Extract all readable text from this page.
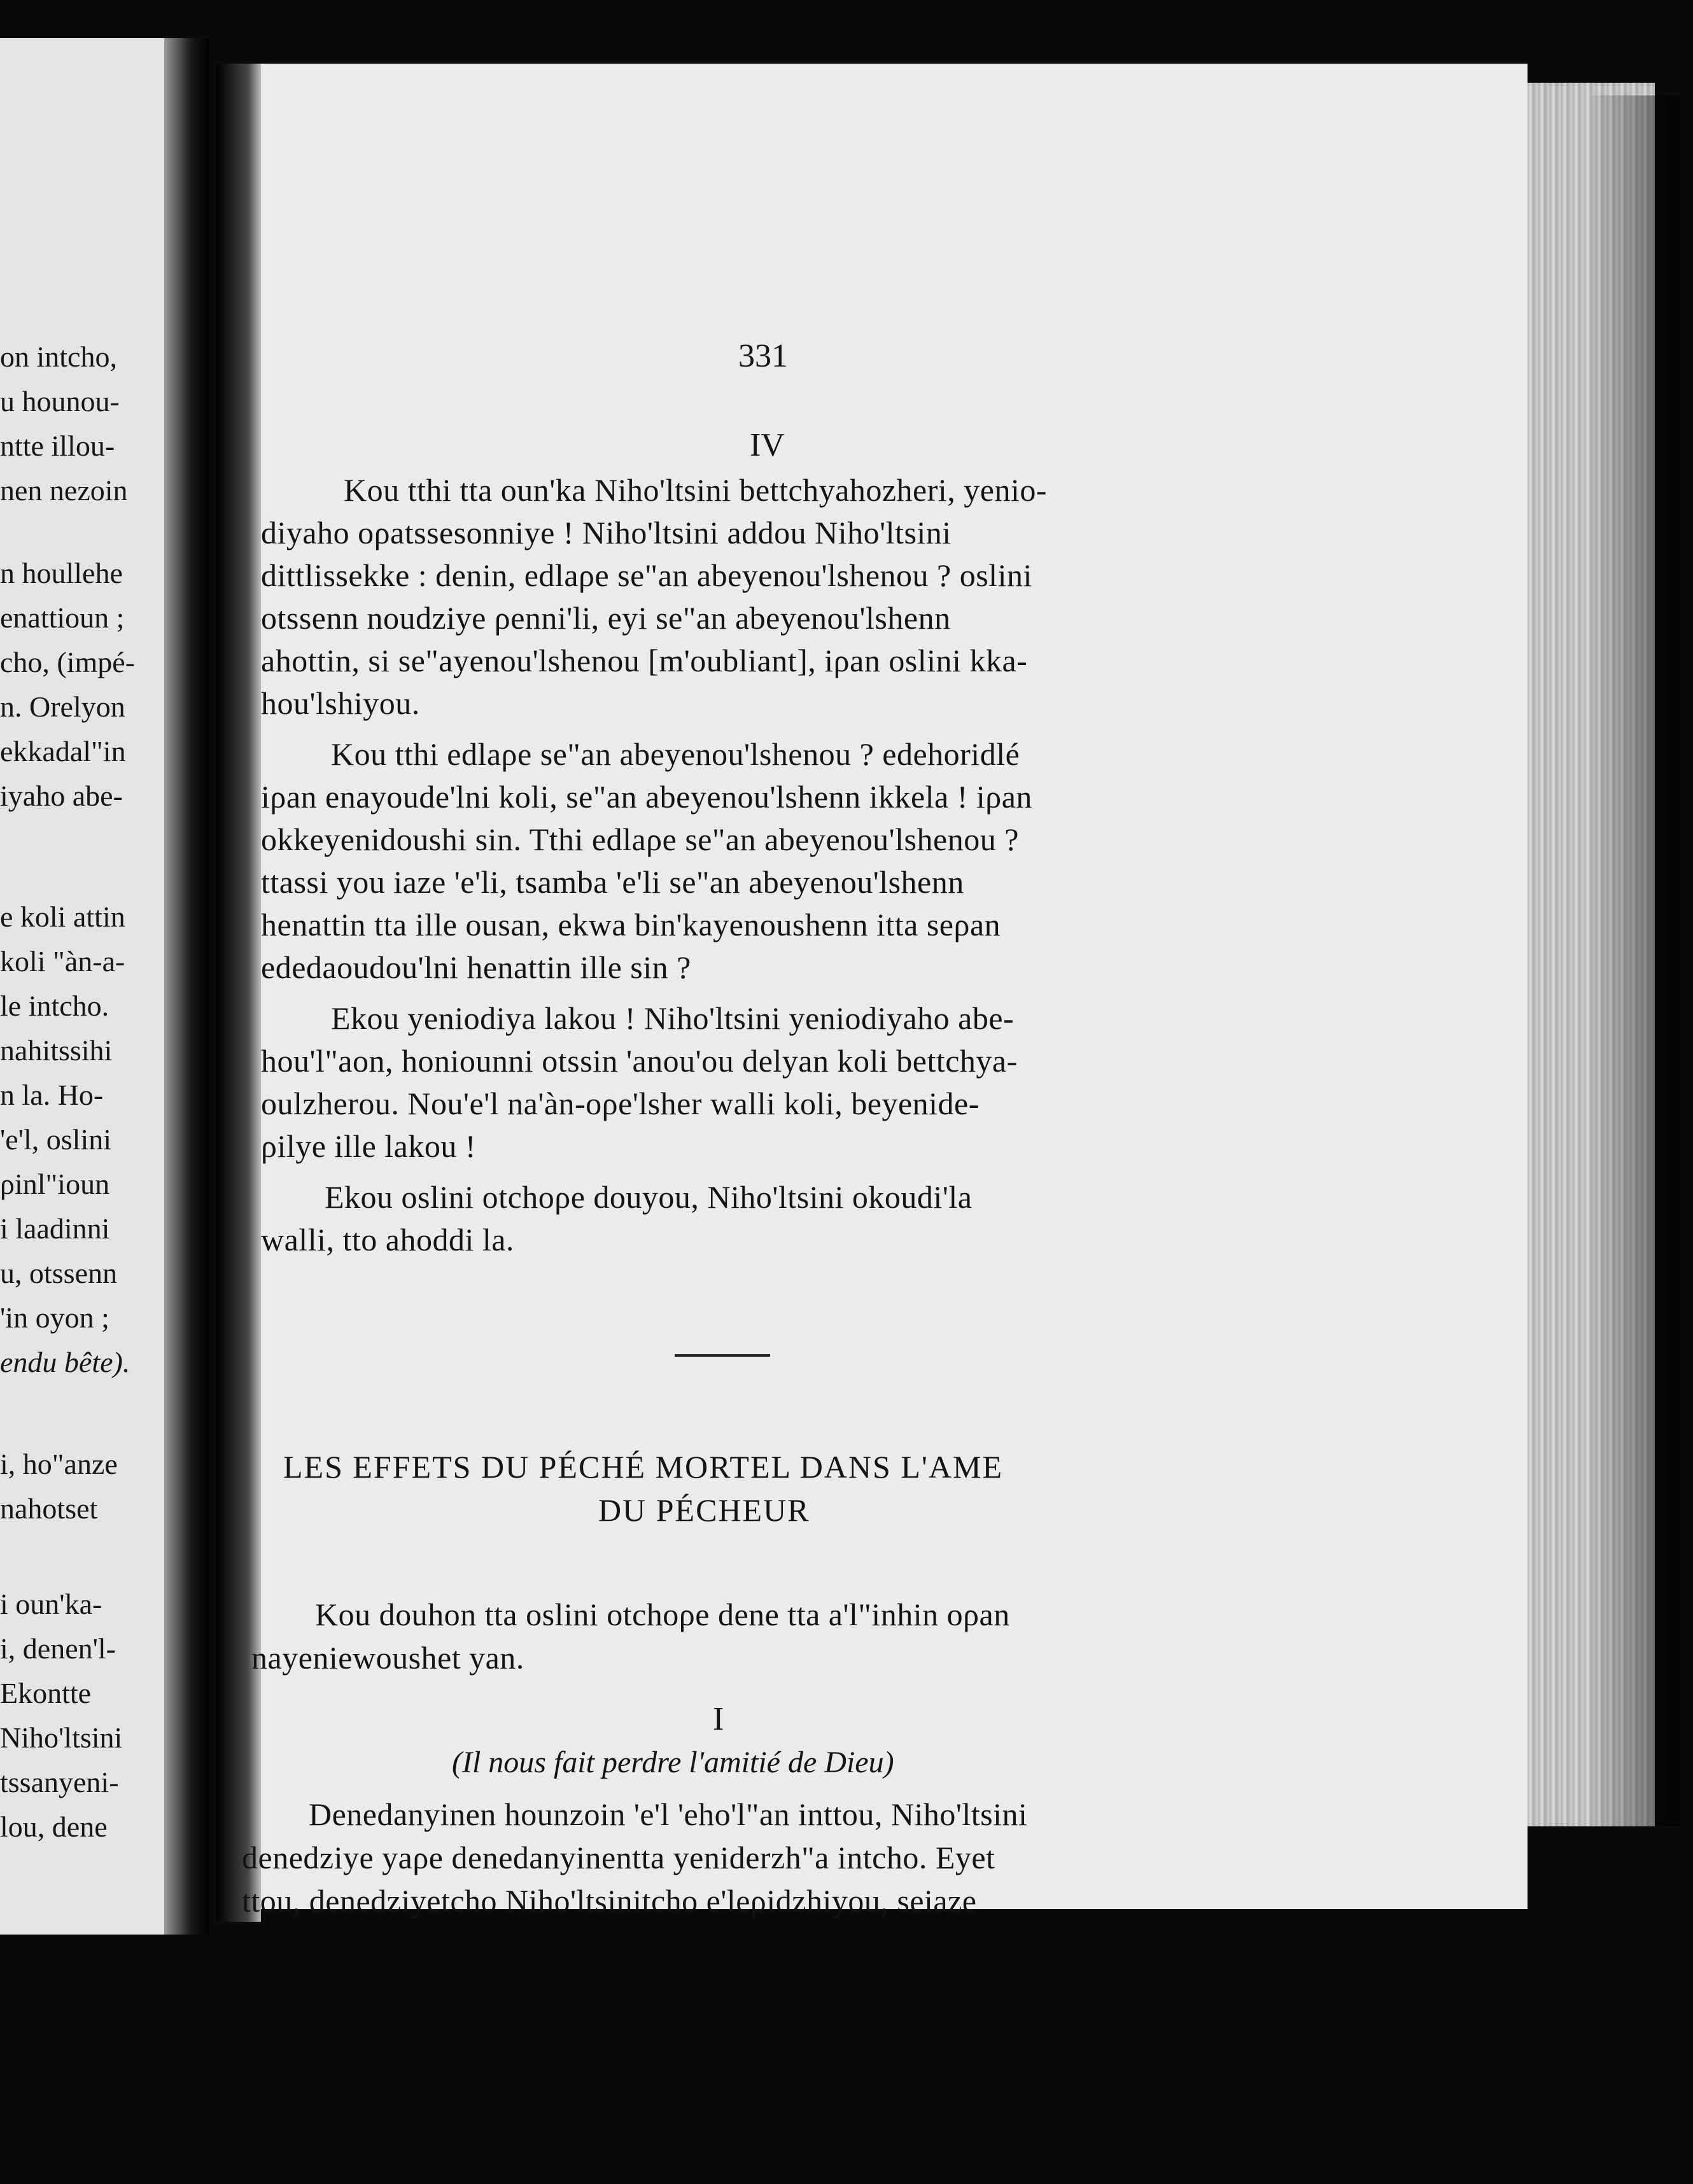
on intcho,

u hounou-

ntte illou-

nen nezoin

n houllehe

enattioun ;

cho, (impé-

n. Orelyon

ekkadal"in

iyaho abe-

e koli attin

koli "àn-a-

le intcho.

nahitssihi

n la. Ho-

'e'l, oslini

ρinl"ioun

i laadinni

u, otssenn

'in oyon ;

endu bête).

i, ho"anze

nahotset

i oun'ka-

i, denen'l-

Ekontte

Niho'ltsini

tssanyeni-

lou, dene

331

IV

Kou tthi tta oun'ka Niho'ltsini bettchyahozheri, yenio-

diyaho oρatssesonniye ! Niho'ltsini addou Niho'ltsini

dittlissekke : denin, edlaρe se"an abeyenou'lshenou ? oslini

otssenn noudziye ρenni'li, eyi se"an abeyenou'lshenn

ahottin, si se"ayenou'lshenou [m'oubliant], iρan oslini kka-

hou'lshiyou.

Kou tthi edlaρe se"an abeyenou'lshenou ? edehoridlé

iρan enayoude'lni koli, se"an abeyenou'lshenn ikkela ! iρan

okkeyenidoushi sin. Tthi edlaρe se"an abeyenou'lshenou ?

ttassi you iaze 'e'li, tsamba 'e'li se"an abeyenou'lshenn

henattin tta ille ousan, ekwa bin'kayenoushenn itta seρan

ededaoudou'lni henattin ille sin ?

Ekou yeniodiya lakou ! Niho'ltsini yeniodiyaho abe-

hou'l"aon, honiounni otssin 'anou'ou delyan koli bettchya-

oulzherou. Nou'e'l na'àn-oρe'lsher walli koli, beyenide-

ρilye ille lakou !

Ekou oslini otchoρe douyou, Niho'ltsini okoudi'la

walli, tto ahoddi la.

LES EFFETS DU PÉCHÉ MORTEL DANS L'AME

DU PÉCHEUR

Kou douhon tta oslini otchoρe dene tta a'l"inhin oρan

nayeniewoushet yan.

I

(Il nous fait perdre l'amitié de Dieu)

Denedanyinen hounzoin 'e'l 'eho'l"an inttou, Niho'ltsini

denedziye yaρe denedanyinentta yeniderzh"a intcho. Eyet

ttou, denedziyetcho Niho'ltsinitcho e'leρidzhiyou, seiaze
